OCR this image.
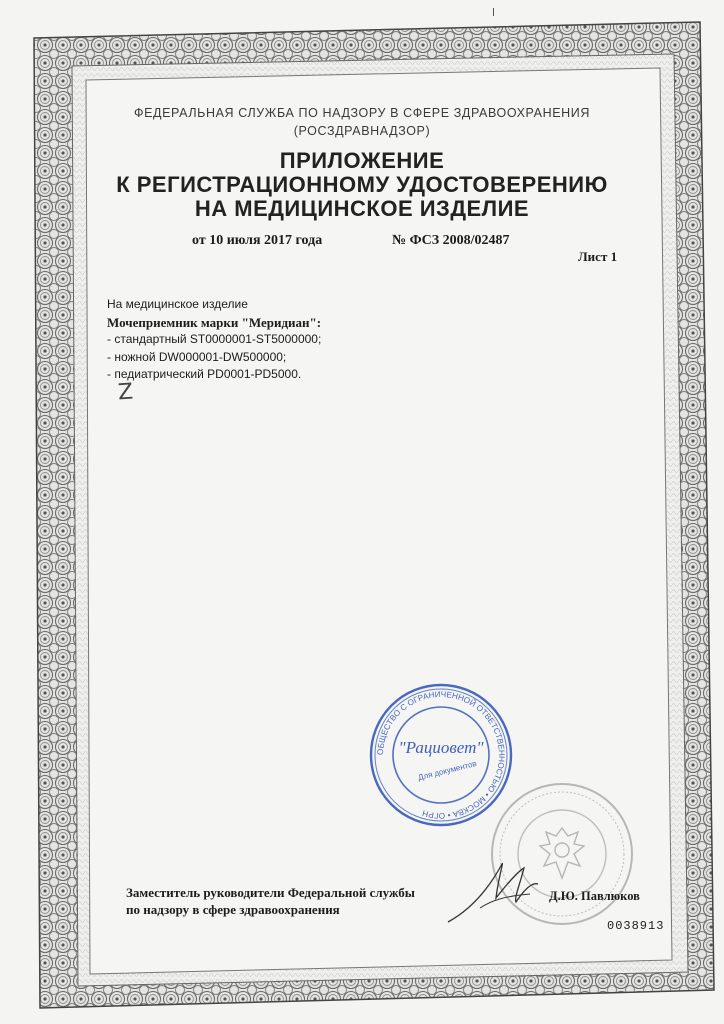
ФЕДЕРАЛЬНАЯ СЛУЖБА ПО НАДЗОРУ В СФЕРЕ ЗДРАВООХРАНЕНИЯ
(РОСЗДРАВНАДЗОР)
ПРИЛОЖЕНИЕ
К РЕГИСТРАЦИОННОМУ УДОСТОВЕРЕНИЮ
НА МЕДИЦИНСКОЕ ИЗДЕЛИЕ
от 10 июля 2017 года	№ ФСЗ 2008/02487
Лист 1
На медицинское изделие
Мочеприемник марки "Меридиан":
- стандартный ST0000001-ST5000000;
- ножной DW000001-DW500000;
- педиатрический PD0001-PD5000.
Z
ОБЩЕСТВО С ОГРАНИЧЕННОЙ ОТВЕТСТВЕННОСТЬЮ • МОСКВА • ОГРН
"Рациовет"
Для документов
Заместитель руководители Федеральной службы
по надзору в сфере здравоохранения
Д.Ю. Павлюков
0038913
